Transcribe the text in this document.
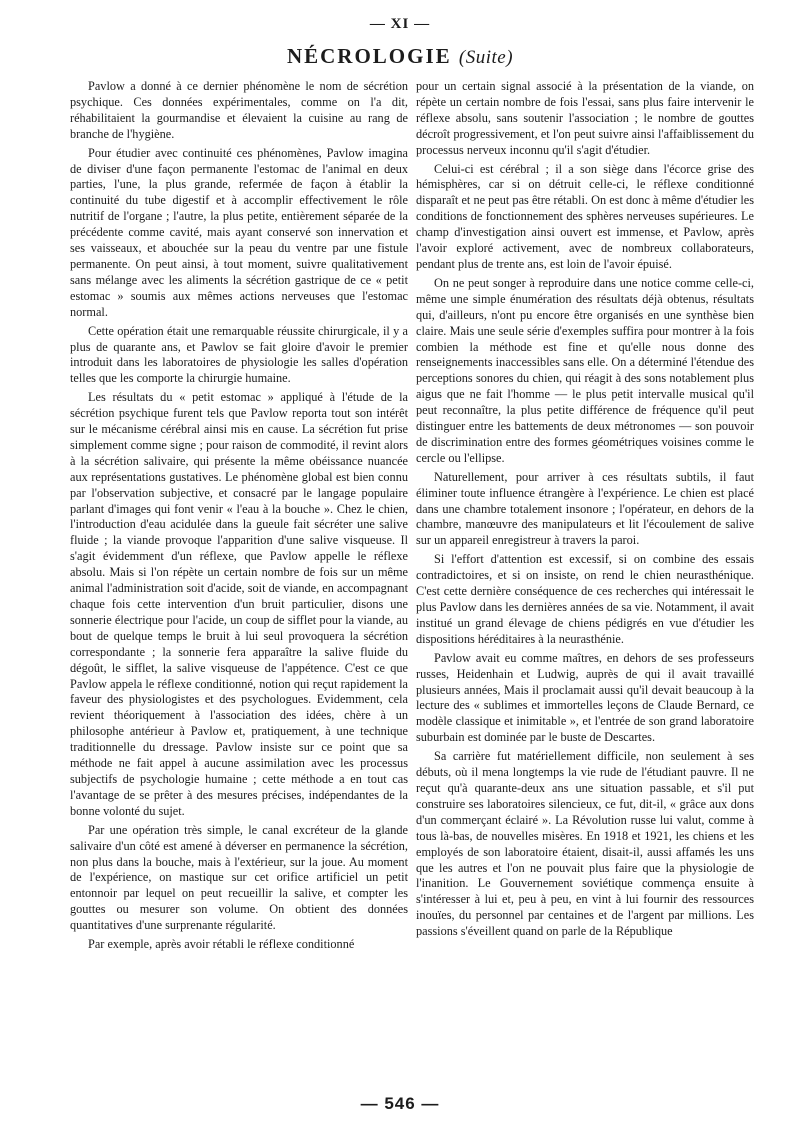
— XI —
NÉCROLOGIE (Suite)

Pavlow a donné à ce dernier phénomène le nom de sécrétion psychique. Ces données expérimentales, comme on l'a dit, réhabilitaient la gourmandise et élevaient la cuisine au rang de branche de l'hygiène.

Pour étudier avec continuité ces phénomènes, Pavlow imagina de diviser d'une façon permanente l'estomac de l'animal en deux parties, l'une, la plus grande, refermée de façon à établir la continuité du tube digestif et à accomplir effectivement le rôle nutritif de l'organe ; l'autre, la plus petite, entièrement séparée de la précédente comme cavité, mais ayant conservé son innervation et ses vaisseaux, et abouchée sur la peau du ventre par une fistule permanente. On peut ainsi, à tout moment, suivre qualitativement sans mélange avec les aliments la sécrétion gastrique de ce « petit estomac » soumis aux mêmes actions nerveuses que l'estomac normal.

Cette opération était une remarquable réussite chirurgicale, il y a plus de quarante ans, et Pawlov se fait gloire d'avoir le premier introduit dans les laboratoires de physiologie les salles d'opération telles que les comporte la chirurgie humaine.

Les résultats du « petit estomac » appliqué à l'étude de la sécrétion psychique furent tels que Pavlow reporta tout son intérêt sur le mécanisme cérébral ainsi mis en cause. La sécrétion fut prise simplement comme signe ; pour raison de commodité, il revint alors à la sécrétion salivaire, qui présente la même obéissance nuancée aux représentations gustatives. Le phénomène global est bien connu par l'observation subjective, et consacré par le langage populaire parlant d'images qui font venir « l'eau à la bouche ». Chez le chien, l'introduction d'eau acidulée dans la gueule fait sécréter une salive fluide ; la viande provoque l'apparition d'une salive visqueuse. Il s'agit évidemment d'un réflexe, que Pavlow appelle le réflexe absolu. Mais si l'on répète un certain nombre de fois sur un même animal l'administration soit d'acide, soit de viande, en accompagnant chaque fois cette intervention d'un bruit particulier, disons une sonnerie électrique pour l'acide, un coup de sifflet pour la viande, au bout de quelque temps le bruit à lui seul provoquera la sécrétion correspondante ; la sonnerie fera apparaître la salive fluide du dégoût, le sifflet, la salive visqueuse de l'appétence. C'est ce que Pavlow appela le réflexe conditionné, notion qui reçut rapidement la faveur des physiologistes et des psychologues. Evidemment, cela revient théoriquement à l'association des idées, chère à un philosophe antérieur à Pavlow et, pratiquement, à une technique traditionnelle du dressage. Pavlow insiste sur ce point que sa méthode ne fait appel à aucune assimilation avec les processus subjectifs de psychologie humaine ; cette méthode a en tout cas l'avantage de se prêter à des mesures précises, indépendantes de la bonne volonté du sujet.

Par une opération très simple, le canal excréteur de la glande salivaire d'un côté est amené à déverser en permanence la sécrétion, non plus dans la bouche, mais à l'extérieur, sur la joue. Au moment de l'expérience, on mastique sur cet orifice artificiel un petit entonnoir par lequel on peut recueillir la salive, et compter les gouttes ou mesurer son volume. On obtient des données quantitatives d'une surprenante régularité.

Par exemple, après avoir rétabli le réflexe conditionné

pour un certain signal associé à la présentation de la viande, on répète un certain nombre de fois l'essai, sans plus faire intervenir le réflexe absolu, sans soutenir l'association ; le nombre de gouttes décroît progressivement, et l'on peut suivre ainsi l'affaiblissement du processus nerveux inconnu qu'il s'agit d'étudier.

Celui-ci est cérébral ; il a son siège dans l'écorce grise des hémisphères, car si on détruit celle-ci, le réflexe conditionné disparaît et ne peut pas être rétabli. On est donc à même d'étudier les conditions de fonctionnement des sphères nerveuses supérieures. Le champ d'investigation ainsi ouvert est immense, et Pavlow, après l'avoir exploré activement, avec de nombreux collaborateurs, pendant plus de trente ans, est loin de l'avoir épuisé.

On ne peut songer à reproduire dans une notice comme celle-ci, même une simple énumération des résultats déjà obtenus, résultats qui, d'ailleurs, n'ont pu encore être organisés en une synthèse bien claire. Mais une seule série d'exemples suffira pour montrer à la fois combien la méthode est fine et qu'elle nous donne des renseignements inaccessibles sans elle. On a déterminé l'étendue des perceptions sonores du chien, qui réagit à des sons notablement plus aigus que ne fait l'homme — le plus petit intervalle musical qu'il peut reconnaître, la plus petite différence de fréquence qu'il peut distinguer entre les battements de deux métronomes — son pouvoir de discrimination entre des formes géométriques voisines comme le cercle ou l'ellipse.

Naturellement, pour arriver à ces résultats subtils, il faut éliminer toute influence étrangère à l'expérience. Le chien est placé dans une chambre totalement insonore ; l'opérateur, en dehors de la chambre, manœuvre des manipulateurs et lit l'écoulement de salive sur un appareil enregistreur à travers la paroi.

Si l'effort d'attention est excessif, si on combine des essais contradictoires, et si on insiste, on rend le chien neurasthénique. C'est cette dernière conséquence de ces recherches qui intéressait le plus Pavlow dans les dernières années de sa vie. Notamment, il avait institué un grand élevage de chiens pédigrés en vue d'étudier les dispositions héréditaires à la neurasthénie.

Pavlow avait eu comme maîtres, en dehors de ses professeurs russes, Heidenhain et Ludwig, auprès de qui il avait travaillé plusieurs années, Mais il proclamait aussi qu'il devait beaucoup à la lecture des « sublimes et immortelles leçons de Claude Bernard, ce modèle classique et inimitable », et l'entrée de son grand laboratoire suburbain est dominée par le buste de Descartes.

Sa carrière fut matériellement difficile, non seulement à ses débuts, où il mena longtemps la vie rude de l'étudiant pauvre. Il ne reçut qu'à quarante-deux ans une situation passable, et s'il put construire ses laboratoires silencieux, ce fut, dit-il, « grâce aux dons d'un commerçant éclairé ». La Révolution russe lui valut, comme à tous là-bas, de nouvelles misères. En 1918 et 1921, les chiens et les employés de son laboratoire étaient, disait-il, aussi affamés les uns que les autres et l'on ne pouvait plus faire que la physiologie de l'inanition. Le Gouvernement soviétique commença ensuite à s'intéresser à lui et, peu à peu, en vint à lui fournir des ressources inouïes, du personnel par centaines et de l'argent par millions. Les passions s'éveillent quand on parle de la République

— 546 —
